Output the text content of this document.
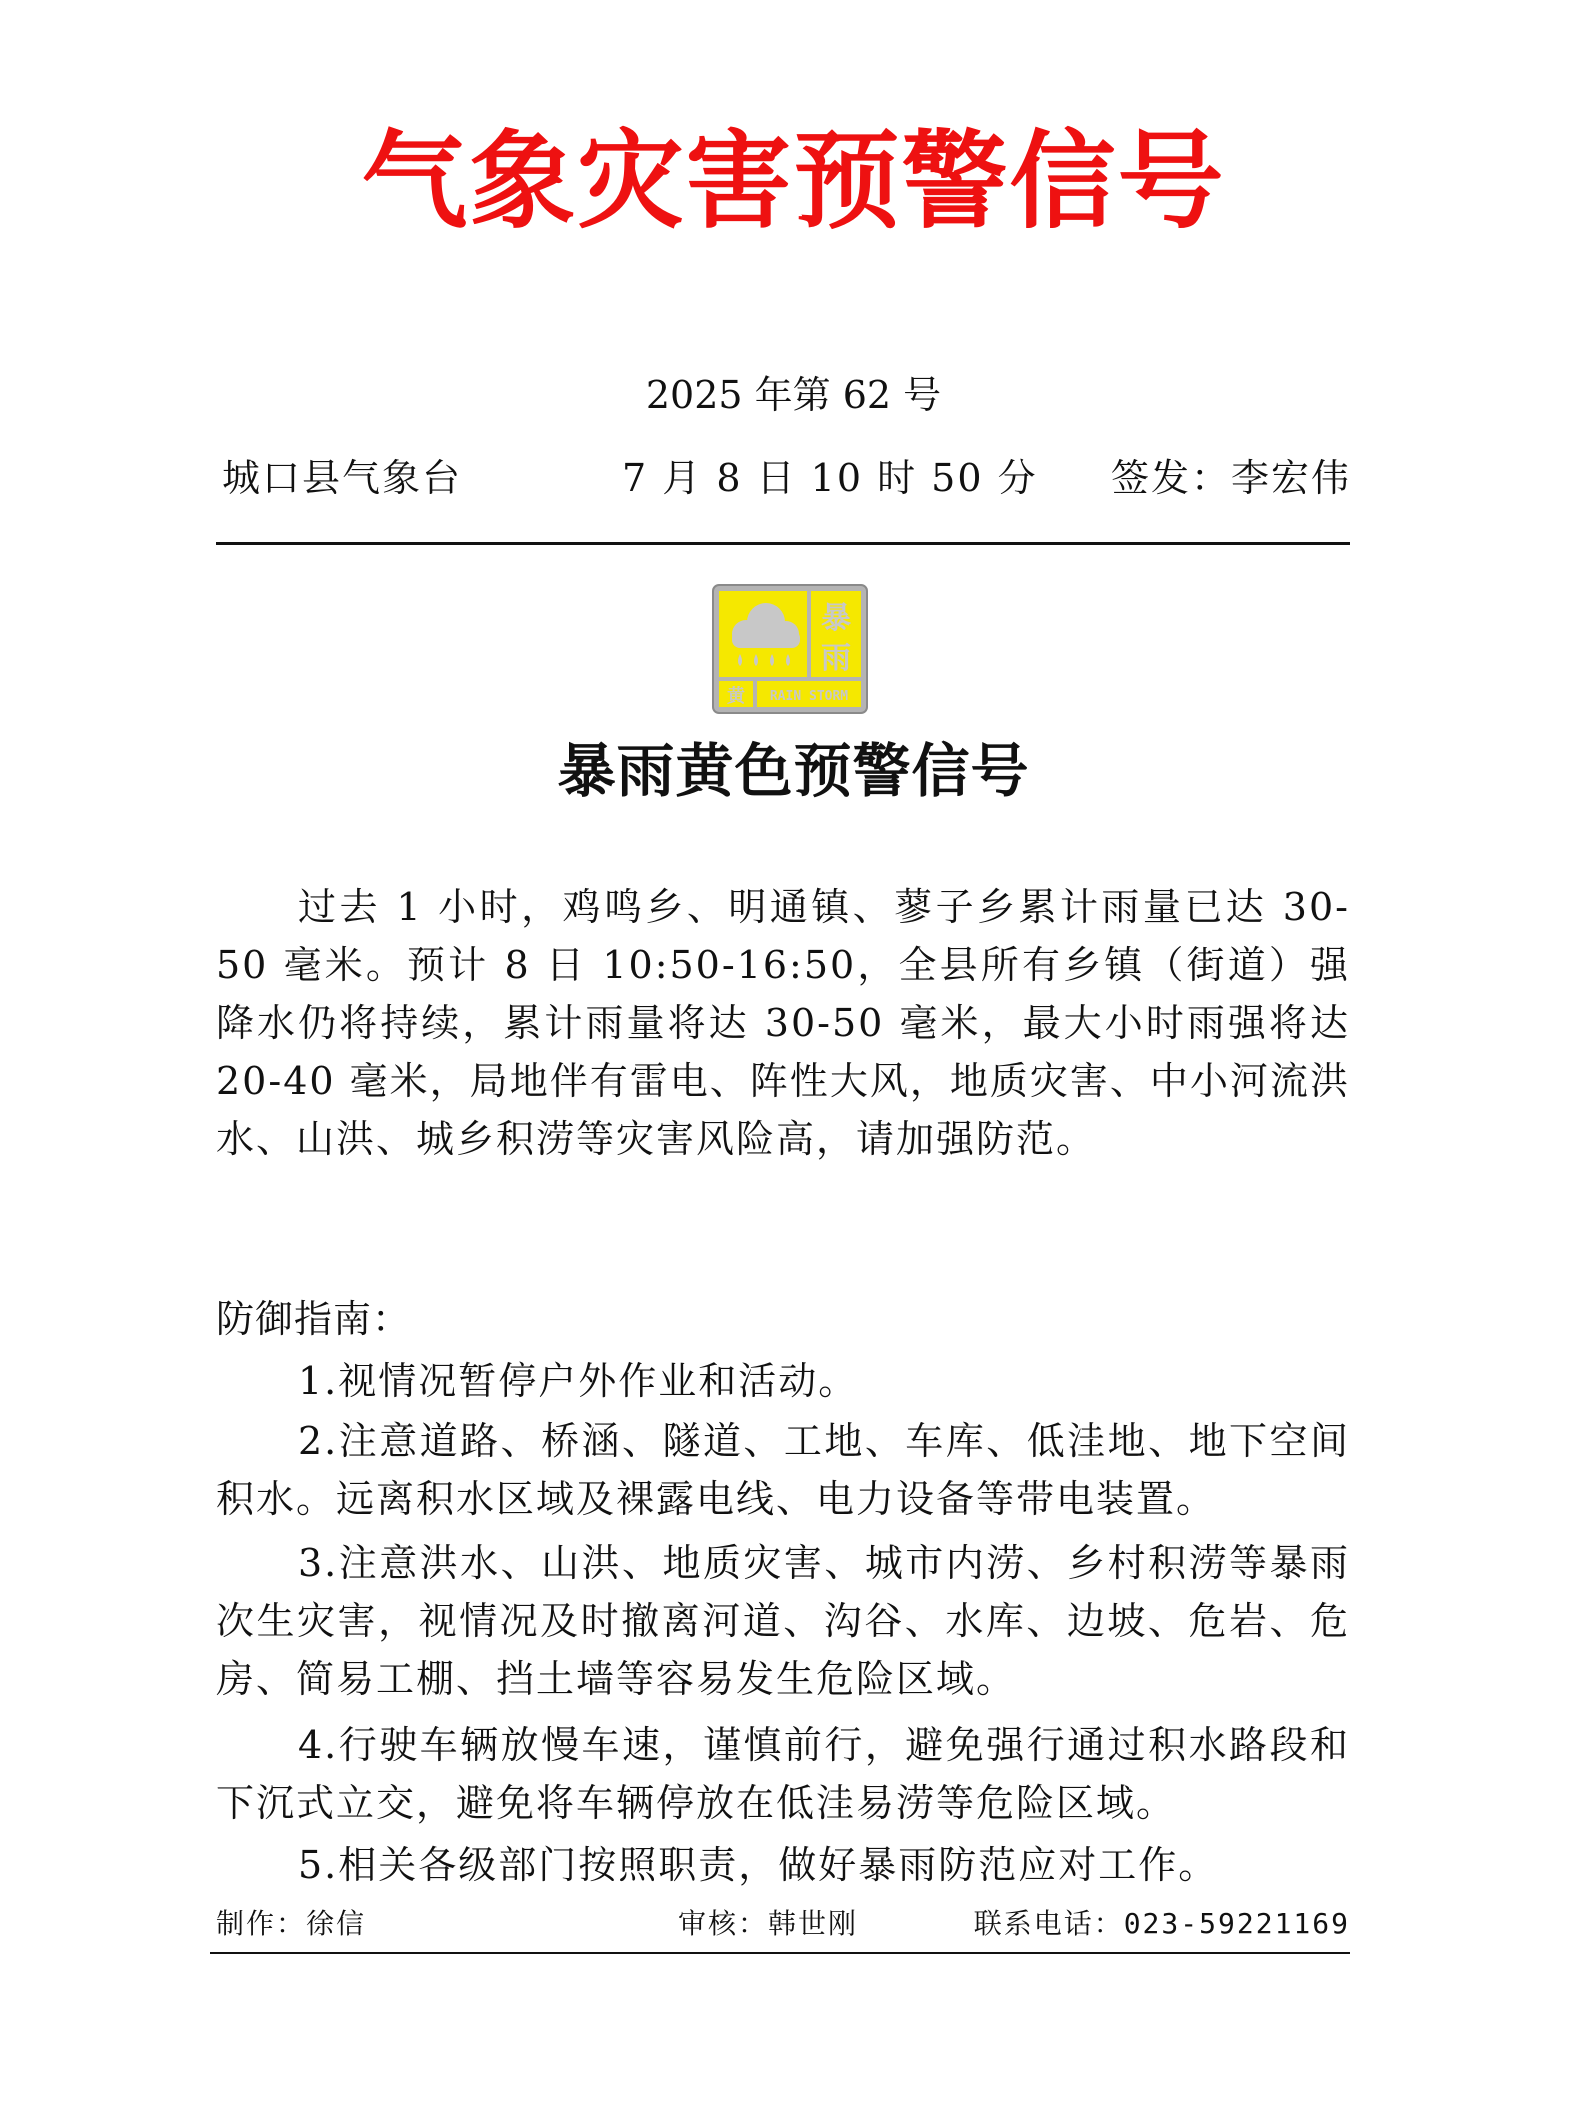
气象灾害预警信号
2025 年第 62 号
城口县气象台	7 月 8 日 10 时 50 分 签发：李宏伟
暴
雨
黄 RAIN STORM
暴雨黄色预警信号

过去 1 小时，鸡鸣乡、明通镇、蓼子乡累计雨量已达 30-50 毫米。预计 8 日 10:50-16:50，全县所有乡镇（街道）强降水仍将持续，累计雨量将达 30-50 毫米，最大小时雨强将达 20-40 毫米，局地伴有雷电、阵性大风，地质灾害、中小河流洪水、山洪、城乡积涝等灾害风险高，请加强防范。

防御指南：

1.视情况暂停户外作业和活动。

2.注意道路、桥涵、隧道、工地、车库、低洼地、地下空间积水。远离积水区域及裸露电线、电力设备等带电装置。

3.注意洪水、山洪、地质灾害、城市内涝、乡村积涝等暴雨次生灾害，视情况及时撤离河道、沟谷、水库、边坡、危岩、危房、简易工棚、挡土墙等容易发生危险区域。

4.行驶车辆放慢车速，谨慎前行，避免强行通过积水路段和下沉式立交，避免将车辆停放在低洼易涝等危险区域。

5.相关各级部门按照职责，做好暴雨防范应对工作。

制作：徐信	审核：韩世刚	联系电话：023-59221169
